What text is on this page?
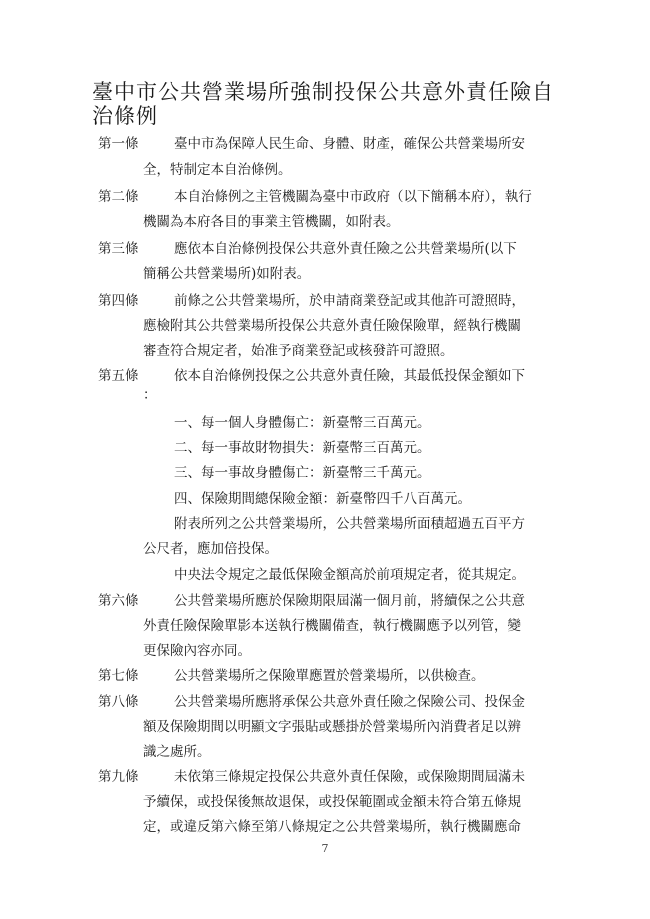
臺中市公共營業場所強制投保公共意外責任險自治條例
第一條	臺中市為保障人民生命、身體、財產，確保公共營業場所安
全，特制定本自治條例。
第二條	本自治條例之主管機關為臺中市政府（以下簡稱本府），執行
機關為本府各目的事業主管機關，如附表。
第三條	應依本自治條例投保公共意外責任險之公共營業場所(以下
簡稱公共營業場所)如附表。
第四條	前條之公共營業場所，於申請商業登記或其他許可證照時，
應檢附其公共營業場所投保公共意外責任險保險單，經執行機關
審查符合規定者，始准予商業登記或核發許可證照。
第五條	依本自治條例投保之公共意外責任險，其最低投保金額如下
：
一、每一個人身體傷亡：新臺幣三百萬元。
二、每一事故財物損失：新臺幣三百萬元。
三、每一事故身體傷亡：新臺幣三千萬元。
四、保險期間總保險金額：新臺幣四千八百萬元。
附表所列之公共營業場所，公共營業場所面積超過五百平方
公尺者，應加倍投保。
中央法令規定之最低保險金額高於前項規定者，從其規定。
第六條	公共營業場所應於保險期限屆滿一個月前，將續保之公共意
外責任險保險單影本送執行機關備查，執行機關應予以列管，變
更保險內容亦同。
第七條	公共營業場所之保險單應置於營業場所，以供檢查。
第八條	公共營業場所應將承保公共意外責任險之保險公司、投保金
額及保險期間以明顯文字張貼或懸掛於營業場所內消費者足以辨
識之處所。
第九條	未依第三條規定投保公共意外責任保險，或保險期間屆滿未
予續保，或投保後無故退保，或投保範圍或金額未符合第五條規
定，或違反第六條至第八條規定之公共營業場所，執行機關應命
7
